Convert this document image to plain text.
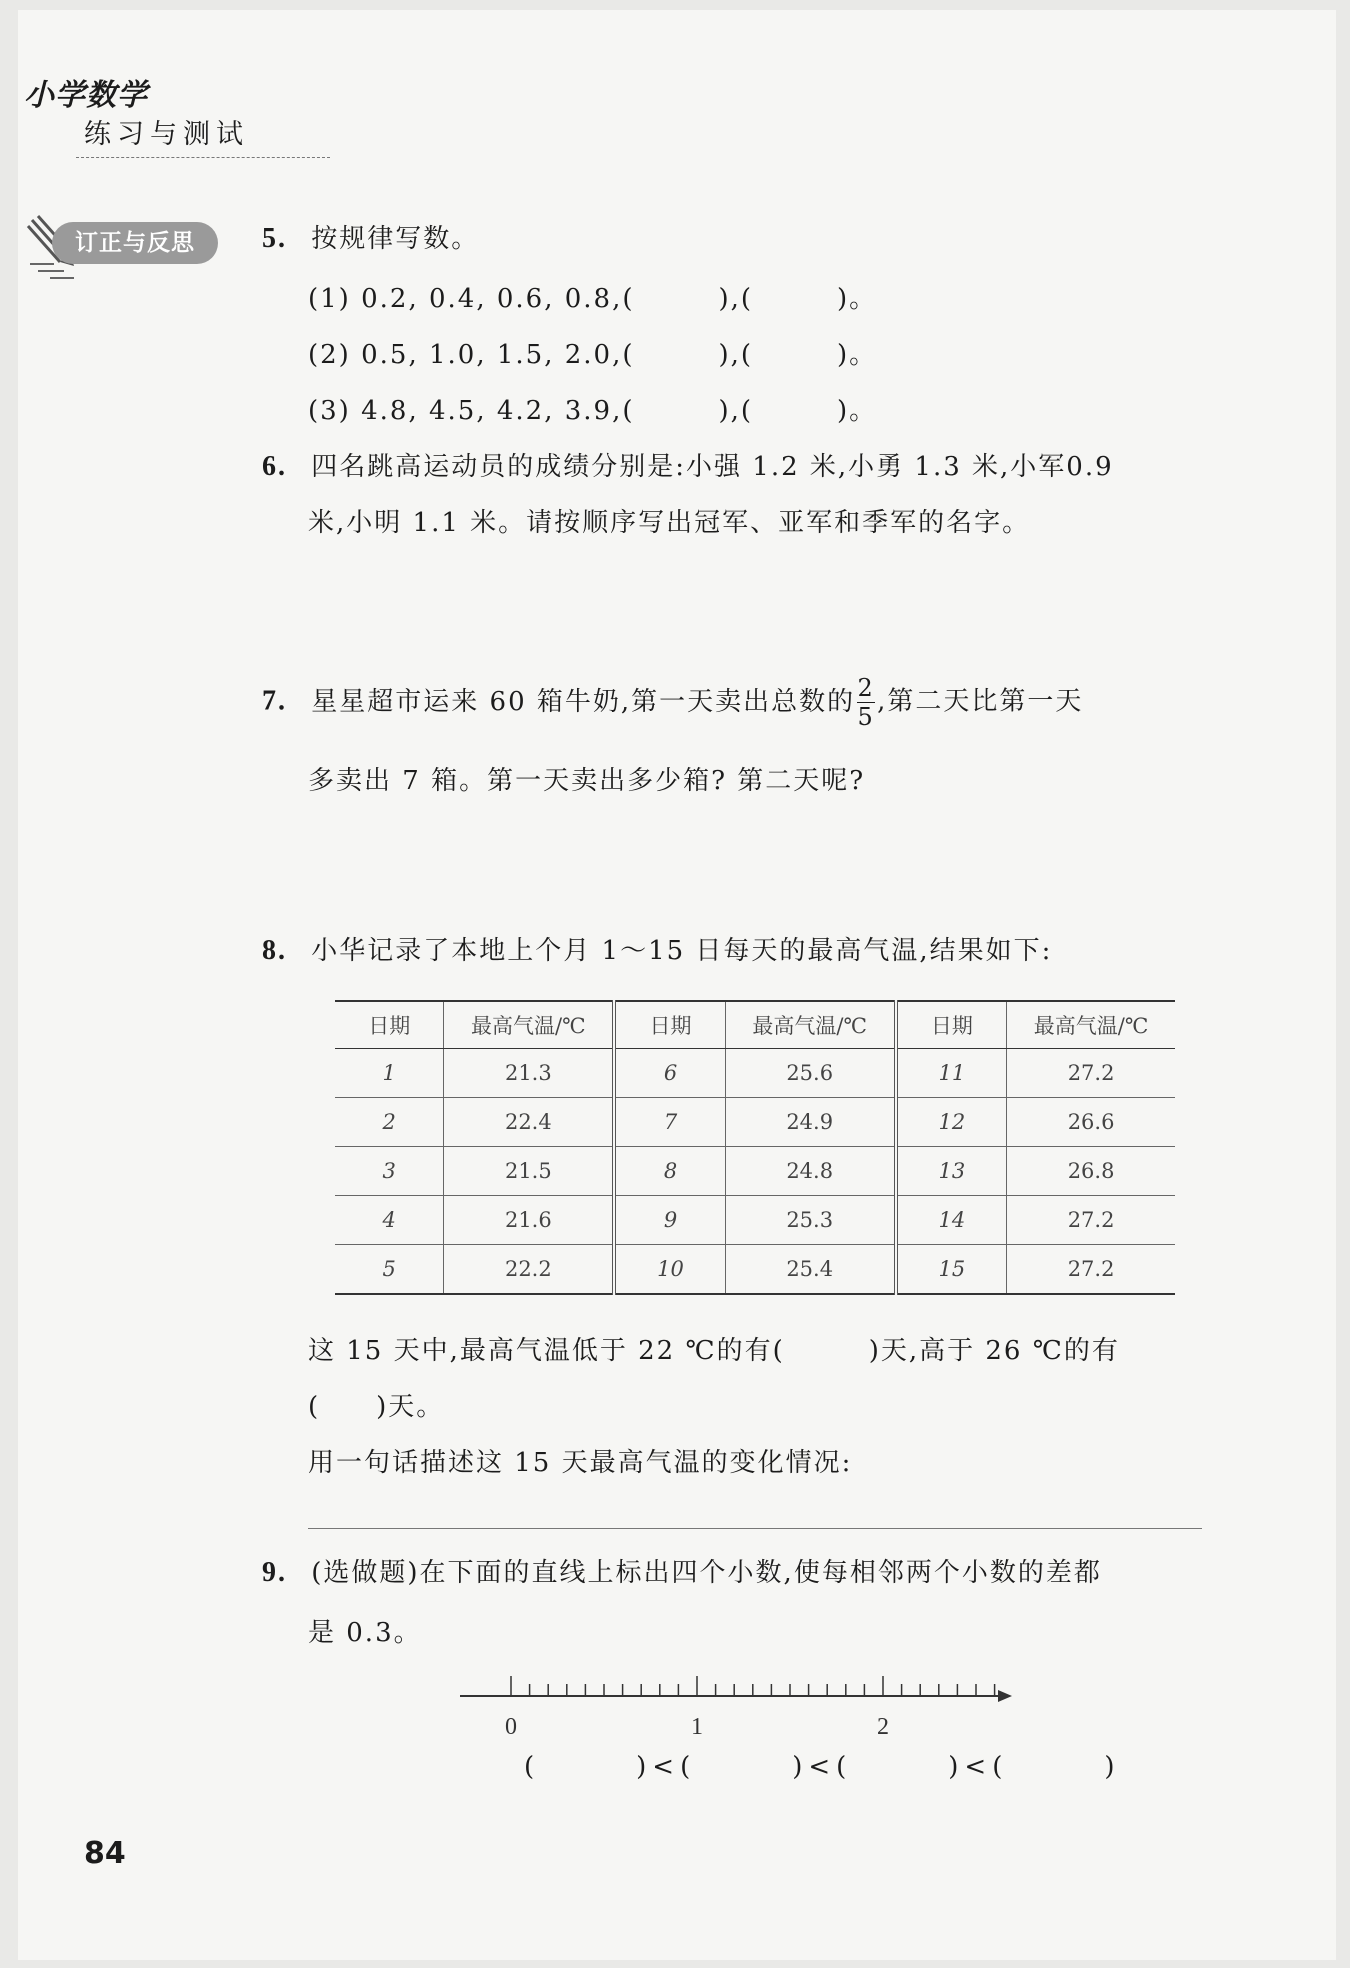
小学数学
练习与测试
订正与反思	5. 按规律写数。
(1) 0.2, 0.4, 0.6, 0.8,(　　　),(　　　)。
(2) 0.5, 1.0, 1.5, 2.0,(　　　),(　　　)。
(3) 4.8, 4.5, 4.2, 3.9,(　　　),(　　　)。
6. 四名跳高运动员的成绩分别是:小强 1.2 米,小勇 1.3 米,小军0.9
米,小明 1.1 米。请按顺序写出冠军、亚军和季军的名字。
7. 星星超市运来 60 箱牛奶,第一天卖出总数的 $\frac{2}{5}$ ,第二天比第一天
多卖出 7 箱。第一天卖出多少箱? 第二天呢?
8. 小华记录了本地上个月 1～15 日每天的最高气温,结果如下:
日期	最高气温/℃	日期	最高气温/℃	日期	最高气温/℃
1	21.3	6	25.6	11	27.2
2	22.4	7	24.9	12	26.6
3	21.5	8	24.8	13	26.8
4	21.6	9	25.3	14	27.2
5	22.2	10	25.4	15	27.2
这 15 天中,最高气温低于 22 ℃的有(　　　)天,高于 26 ℃的有
(　　)天。
用一句话描述这 15 天最高气温的变化情况:
9. (选做题)在下面的直线上标出四个小数,使每相邻两个小数的差都
是 0.3。
0	1	2
(　　　)<(　　　)<(　　　)<(　　　)
84
